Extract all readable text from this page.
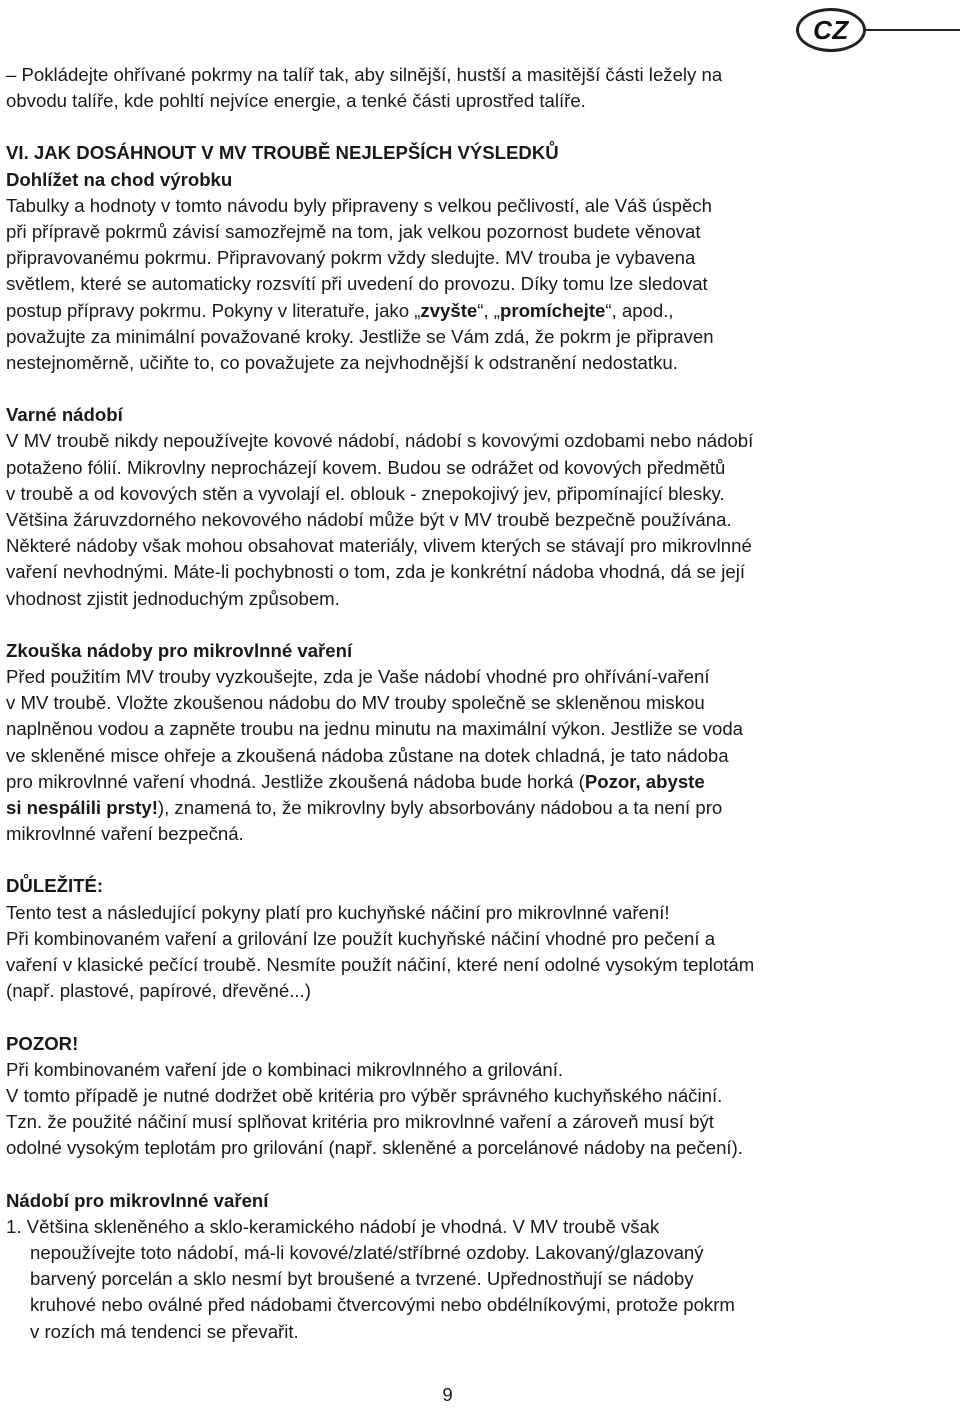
CZ

– Pokládejte ohřívané pokrmy na talíř tak, aby silnější, hustší a masitější části ležely na

obvodu talíře, kde pohltí nejvíce energie, a tenké části uprostřed talíře.

VI. JAK DOSÁHNOUT V MV TROUBĚ NEJLEPŠÍCH VÝSLEDKŮ

Dohlížet na chod výrobku

Tabulky a hodnoty v tomto návodu byly připraveny s velkou pečlivostí, ale Váš úspěch

při přípravě pokrmů závisí samozřejmě na tom, jak velkou pozornost budete věnovat

připravovanému pokrmu. Připravovaný pokrm vždy sledujte. MV trouba je vybavena

světlem, které se automaticky rozsvítí při uvedení do provozu. Díky tomu lze sledovat

postup přípravy pokrmu. Pokyny v literatuře, jako „zvyšte“, „promíchejte“, apod.,

považujte za minimální považované kroky. Jestliže se Vám zdá, že pokrm je připraven

nestejnoměrně, učiňte to, co považujete za nejvhodnější k odstranění nedostatku.

Varné nádobí

V MV troubě nikdy nepoužívejte kovové nádobí, nádobí s kovovými ozdobami nebo nádobí

potaženo fólií. Mikrovlny neprocházejí kovem. Budou se odrážet od kovových předmětů

v troubě a od kovových stěn a vyvolají el. oblouk - znepokojivý jev, připomínající blesky.

Většina žáruvzdorného nekovového nádobí může být v MV troubě bezpečně používána.

Některé nádoby však mohou obsahovat materiály, vlivem kterých se stávají pro mikrovlnné

vaření nevhodnými. Máte-li pochybnosti o tom, zda je konkrétní nádoba vhodná, dá se její

vhodnost zjistit jednoduchým způsobem.

Zkouška nádoby pro mikrovlnné vaření

Před použitím MV trouby vyzkoušejte, zda je Vaše nádobí vhodné pro ohřívání-vaření

v MV troubě. Vložte zkoušenou nádobu do MV trouby společně se skleněnou miskou

naplněnou vodou a zapněte troubu na jednu minutu na maximální výkon. Jestliže se voda

ve skleněné misce ohřeje a zkoušená nádoba zůstane na dotek chladná, je tato nádoba

pro mikrovlnné vaření vhodná. Jestliže zkoušená nádoba bude horká (Pozor, abyste

si nespálili prsty!), znamená to, že mikrovlny byly absorbovány nádobou a ta není pro

mikrovlnné vaření bezpečná.

DŮLEŽITÉ:

Tento test a následující pokyny platí pro kuchyňské náčiní pro mikrovlnné vaření!

Při kombinovaném vaření a grilování lze použít kuchyňské náčiní vhodné pro pečení a

vaření v klasické pečící troubě. Nesmíte použít náčiní, které není odolné vysokým teplotám

(např. plastové, papírové, dřevěné...)

POZOR!

Při kombinovaném vaření jde o kombinaci mikrovlnného a grilování.

V tomto případě je nutné dodržet obě kritéria pro výběr správného kuchyňského náčiní.

Tzn. že použité náčiní musí splňovat kritéria pro mikrovlnné vaření a zároveň musí být

odolné vysokým teplotám pro grilování (např. skleněné a porcelánové nádoby na pečení).

Nádobí pro mikrovlnné vaření

1. Většina skleněného a sklo-keramického nádobí je vhodná. V MV troubě však

nepoužívejte toto nádobí, má-li kovové/zlaté/stříbrné ozdoby. Lakovaný/glazovaný

barvený porcelán a sklo nesmí byt broušené a tvrzené. Upřednostňují se nádoby

kruhové nebo oválné před nádobami čtvercovými nebo obdélníkovými, protože pokrm

v rozích má tendenci se převařit.

9
